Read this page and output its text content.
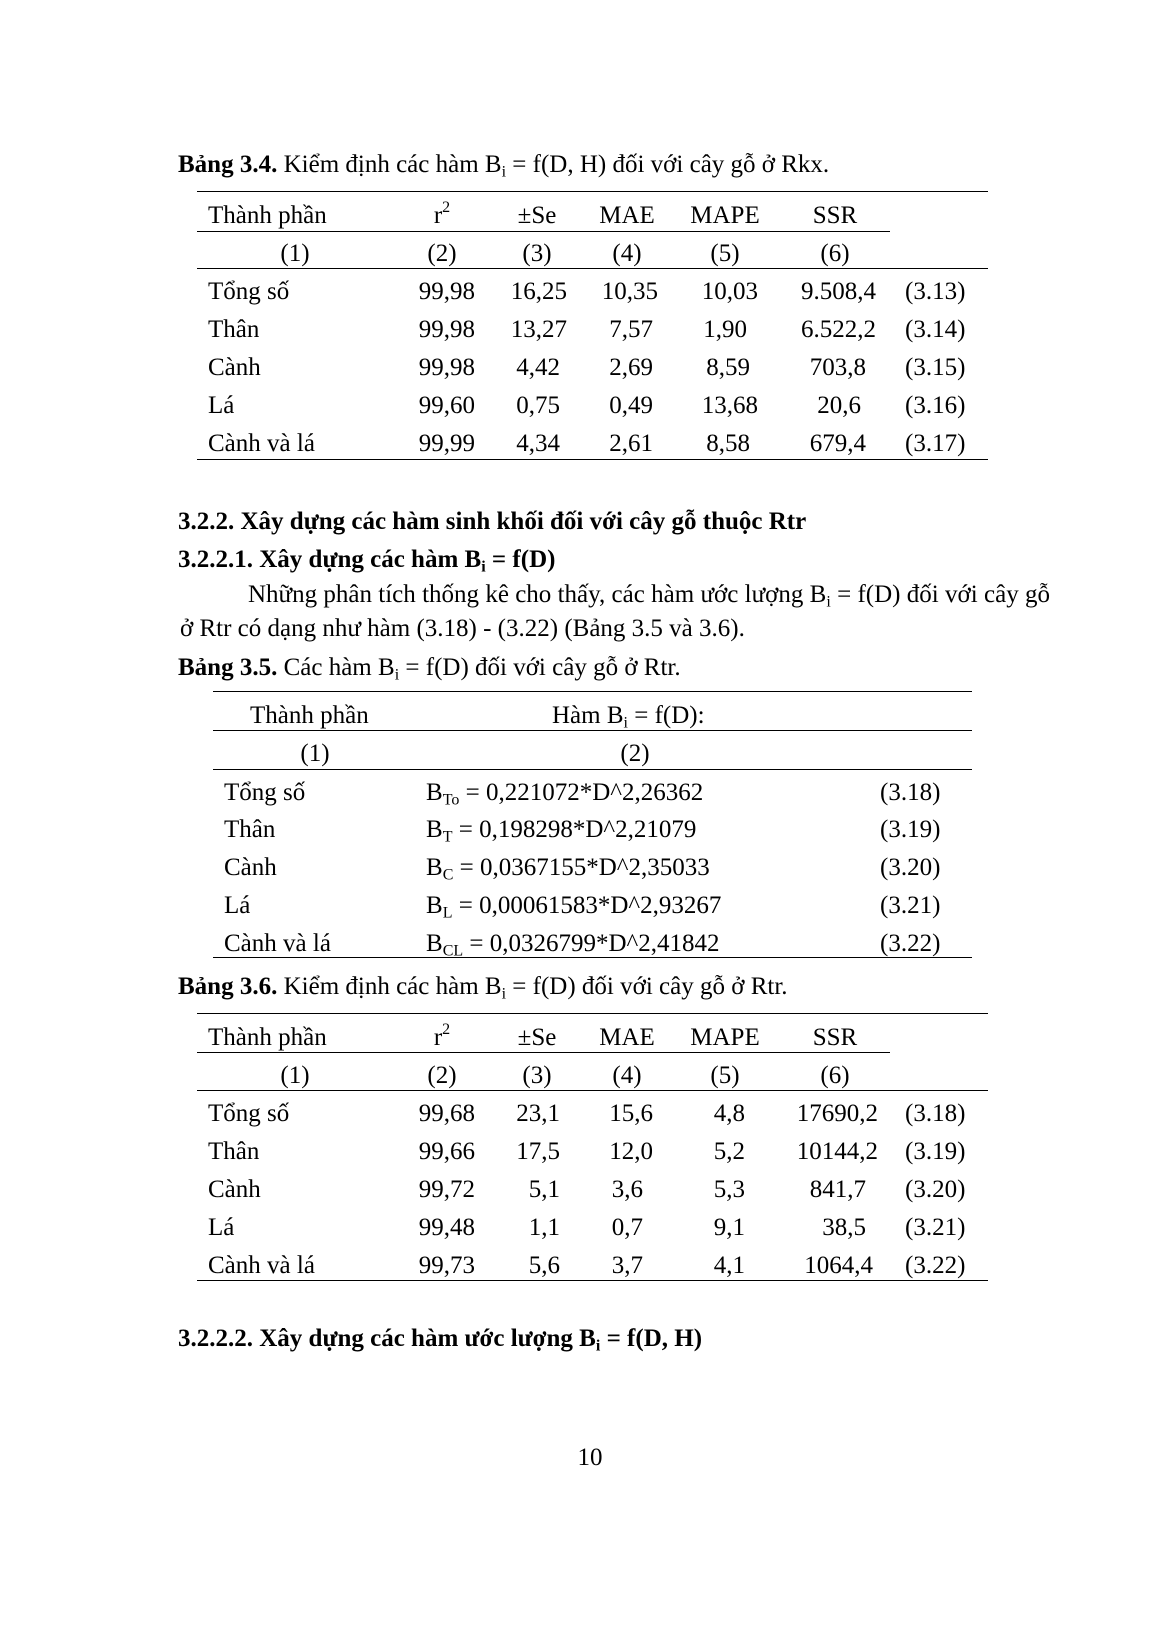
Bảng 3.4. Kiểm định các hàm $B_i = f(D$, H) đối với cây gỗ ở Rkx.
Thành phần	$r^2$	±Se	MAE	MAPE	SSR
(1)	(2)	(3)	(4)	(5)	(6)
Tổng số	99,98	16,25	10,35	10,03	9.508,4 (3.13)
Thân	99,98	13,27	7,57	1,90	6.522,2 (3.14)
Cành	99,98	4,42	2,69	8,59	703,8 (3.15)
Lá	99,60	0,75	0,49	13,68	20,6 (3.16)
Cành và lá	99,99	4,34	2,61	8,58	679,4 (3.17)
3.2.2. Xây dựng các hàm sinh khối đối với cây gỗ thuộc Rtr
3.2.2.1. Xây dựng các hàm $B_i = f(D)$
Những phân tích thống kê cho thấy, các hàm ước lượng $B_i = f(D)$ đối với cây gỗ ở Rtr có dạng như hàm (3.18) - (3.22) (Bảng 3.5 và 3.6).
Bảng 3.5. Các hàm $B_i = f(D)$ đối với cây gỗ ở Rtr.
Thành phần	Hàm $B_i = f(D)$:
(1)	(2)
Tổng số	$B_{To}$ = 0,221072*D^2,26362	(3.18)
Thân	$B_T$ = 0,198298*D^2,21079	(3.19)
Cành	$B_C$ = 0,0367155*D^2,35033	(3.20)
Lá	$B_L$ = 0,00061583*D^2,93267	(3.21)
Cành và lá	$B_{CL}$ = 0,0326799*D^2,41842	(3.22)
Bảng 3.6. Kiểm định các hàm $B_i = f(D)$ đối với cây gỗ ở Rtr.
Thành phần	$r^2$	±Se	MAE	MAPE	SSR
(1)	(2)	(3)	(4)	(5)	(6)
Tổng số	99,68	23,1	15,6	4,8	17690,2 (3.18)
Thân	99,66	17,5	12,0	5,2	10144,2 (3.19)
Cành	99,72	5,1	3,6	5,3	841,7 (3.20)
Lá	99,48	1,1	0,7	9,1	38,5 (3.21)
Cành và lá	99,73	5,6	3,7	4,1	1064,4 (3.22)
3.2.2.2. Xây dựng các hàm ước lượng $B_i = f(D$, H)
10
